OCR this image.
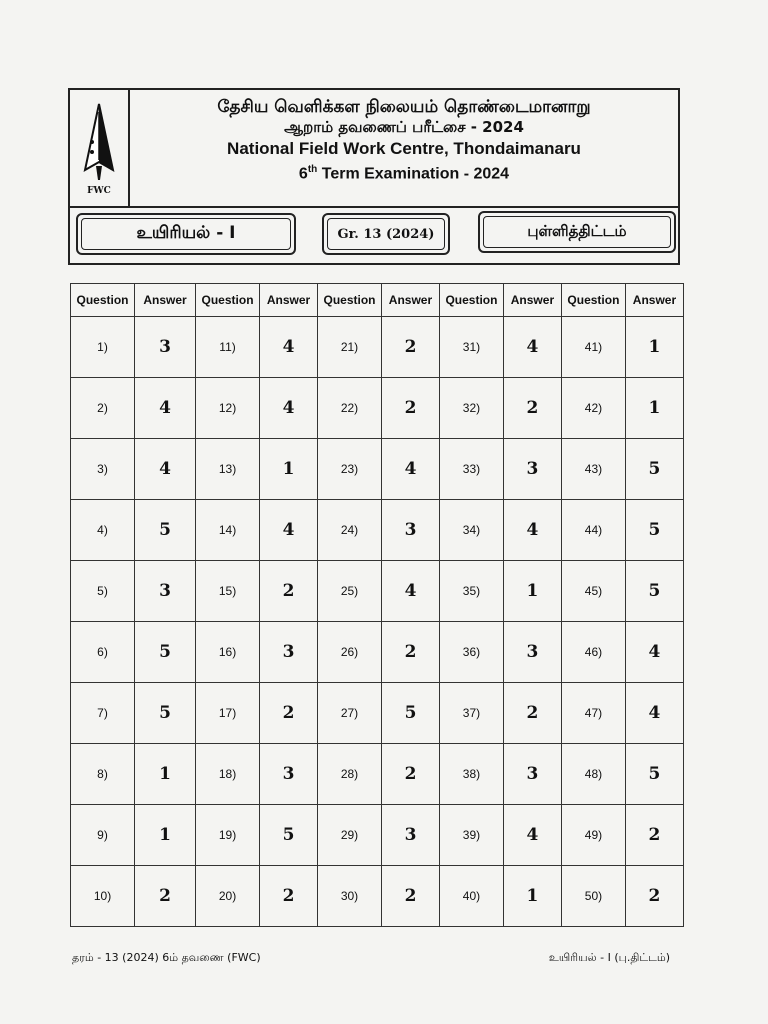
FWC
தேசிய வெளிக்கள நிலையம் தொண்டைமானாறு
ஆறாம் தவணைப் பரீட்சை - 2024
National Field Work Centre, Thondaimanaru
6th Term Examination - 2024
உயிரியல் - I	Gr. 13 (2024)	புள்ளித்திட்டம்
Question	Answer	Question	Answer	Question	Answer	Question	Answer	Question	Answer
1)	3	11)	4	21)	2	31)	4	41)	1
2)	4	12)	4	22)	2	32)	2	42)	1
3)	4	13)	1	23)	4	33)	3	43)	5
4)	5	14)	4	24)	3	34)	4	44)	5
5)	3	15)	2	25)	4	35)	1	45)	5
6)	5	16)	3	26)	2	36)	3	46)	4
7)	5	17)	2	27)	5	37)	2	47)	4
8)	1	18)	3	28)	2	38)	3	48)	5
9)	1	19)	5	29)	3	39)	4	49)	2
10)	2	20)	2	30)	2	40)	1	50)	2
தரம் - 13 (2024) 6ம் தவணை (FWC)	உயிரியல் - I (பு.திட்டம்)
